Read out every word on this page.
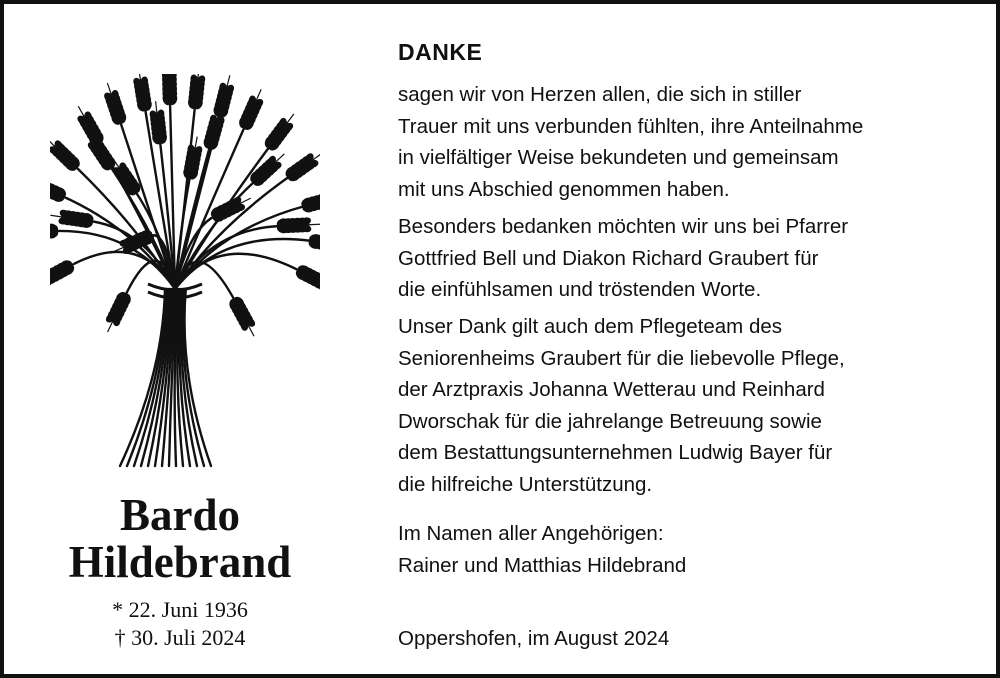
Bardo
Hildebrand
* 22. Juni 1936
† 30. Juli 2024
DANKE
sagen wir von Herzen allen, die sich in stiller
Trauer mit uns verbunden fühlten, ihre Anteilnahme
in vielfältiger Weise bekundeten und gemeinsam
mit uns Abschied genommen haben.
Besonders bedanken möchten wir uns bei Pfarrer
Gottfried Bell und Diakon Richard Graubert für
die einfühlsamen und tröstenden Worte.
Unser Dank gilt auch dem Pflegeteam des
Seniorenheims Graubert für die liebevolle Pflege,
der Arztpraxis Johanna Wetterau und Reinhard
Dworschak für die jahrelange Betreuung sowie
dem Bestattungsunternehmen Ludwig Bayer für
die hilfreiche Unterstützung.
Im Namen aller Angehörigen:
Rainer und Matthias Hildebrand
Oppershofen, im August 2024
